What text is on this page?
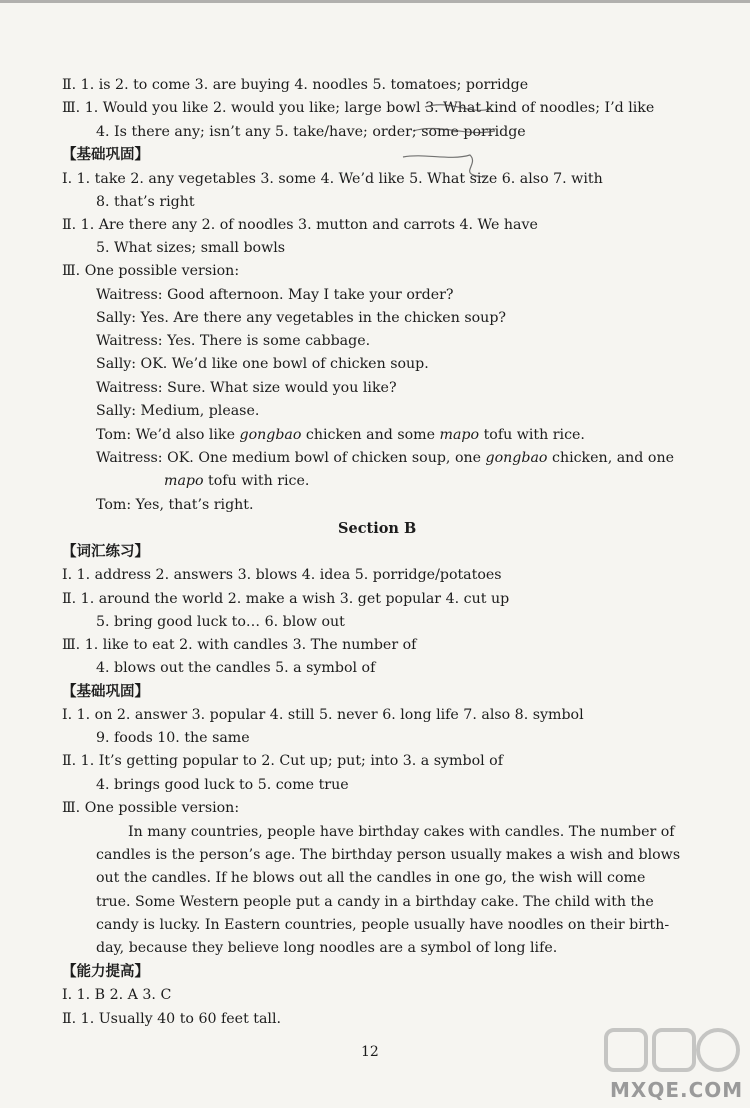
Ⅱ. 1. is 2. to come 3. are buying 4. noodles 5. tomatoes; porridge
Ⅲ. 1. Would you like 2. would you like; large bowl 3. What kind of noodles; I’d like
4. Is there any; isn’t any 5. take/have; order; some porridge
【基础巩固】
Ⅰ. 1. take 2. any vegetables 3. some 4. We’d like 5. What size 6. also 7. with
8. that’s right
Ⅱ. 1. Are there any 2. of noodles 3. mutton and carrots 4. We have
5. What sizes; small bowls
Ⅲ. One possible version:
Waitress: Good afternoon. May I take your order?
Sally: Yes. Are there any vegetables in the chicken soup?
Waitress: Yes. There is some cabbage.
Sally: OK. We’d like one bowl of chicken soup.
Waitress: Sure. What size would you like?
Sally: Medium, please.
Tom: We’d also like gongbao chicken and some mapo tofu with rice.
Waitress: OK. One medium bowl of chicken soup, one gongbao chicken, and one
mapo tofu with rice.
Tom: Yes, that’s right.
Section B
【词汇练习】
Ⅰ. 1. address 2. answers 3. blows 4. idea 5. porridge/potatoes
Ⅱ. 1. around the world 2. make a wish 3. get popular 4. cut up
5. bring good luck to… 6. blow out
Ⅲ. 1. like to eat 2. with candles 3. The number of
4. blows out the candles 5. a symbol of
【基础巩固】
Ⅰ. 1. on 2. answer 3. popular 4. still 5. never 6. long life 7. also 8. symbol
9. foods 10. the same
Ⅱ. 1. It’s getting popular to 2. Cut up; put; into 3. a symbol of
4. brings good luck to 5. come true
Ⅲ. One possible version:
In many countries, people have birthday cakes with candles. The number of
candles is the person’s age. The birthday person usually makes a wish and blows
out the candles. If he blows out all the candles in one go, the wish will come
true. Some Western people put a candy in a birthday cake. The child with the
candy is lucky. In Eastern countries, people usually have noodles on their birth-
day, because they believe long noodles are a symbol of long life.
【能力提高】
Ⅰ. 1. B 2. A 3. C
Ⅱ. 1. Usually 40 to 60 feet tall.
12
MXQE.COM
